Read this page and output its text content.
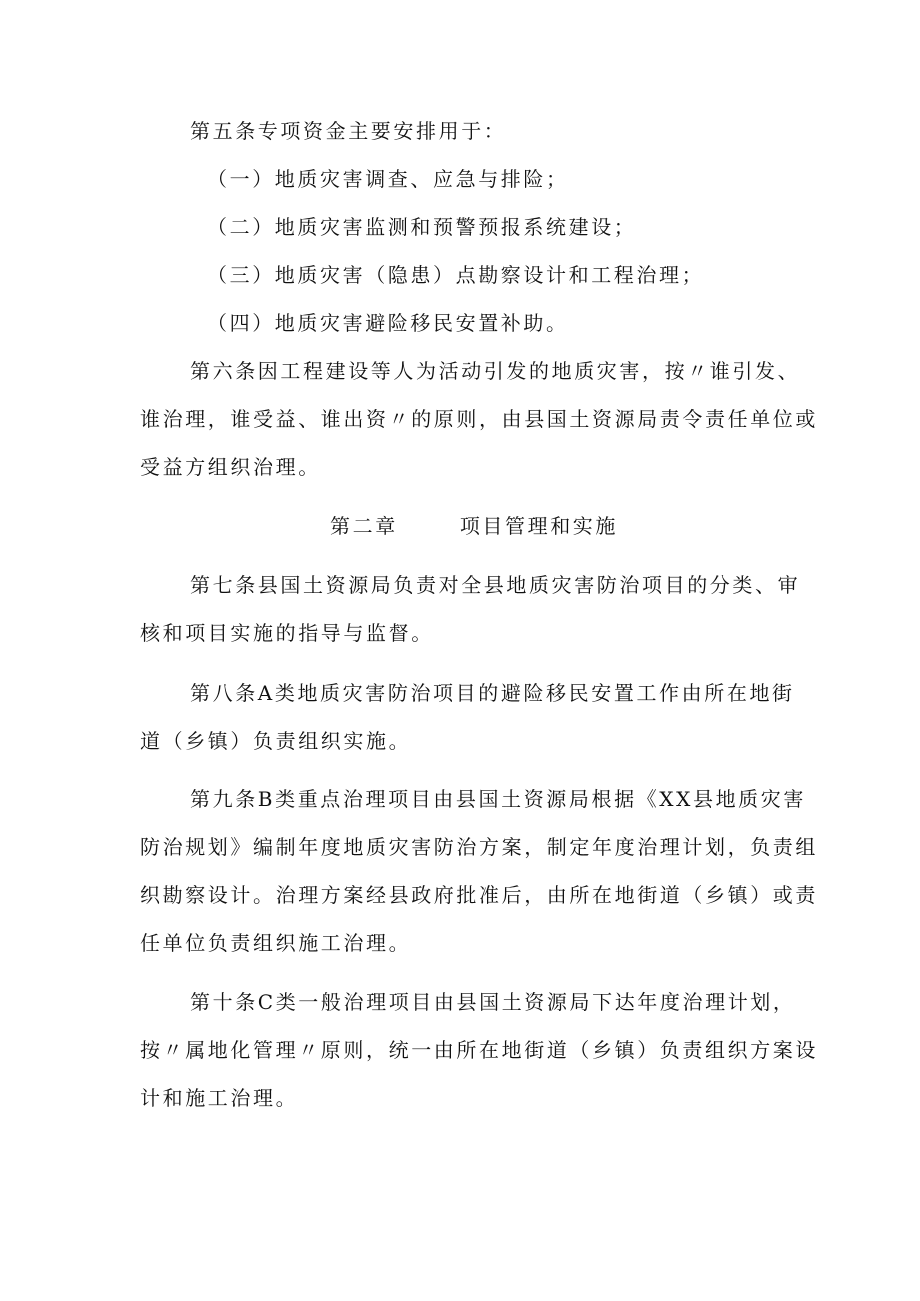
第五条专项资金主要安排用于：
（一）地质灾害调查、应急与排险；
（二）地质灾害监测和预警预报系统建设；
（三）地质灾害（隐患）点勘察设计和工程治理；
（四）地质灾害避险移民安置补助。
第六条因工程建设等人为活动引发的地质灾害，按〃谁引发、
谁治理，谁受益、谁出资〃的原则，由县国土资源局责令责任单位或
受益方组织治理。
第二章	项目管理和实施
第七条县国土资源局负责对全县地质灾害防治项目的分类、审
核和项目实施的指导与监督。
第八条A类地质灾害防治项目的避险移民安置工作由所在地街
道（乡镇）负责组织实施。
第九条B类重点治理项目由县国土资源局根据《XX县地质灾害
防治规划》编制年度地质灾害防治方案，制定年度治理计划，负责组
织勘察设计。治理方案经县政府批准后，由所在地街道（乡镇）或责
任单位负责组织施工治理。
第十条C类一般治理项目由县国土资源局下达年度治理计划，
按〃属地化管理〃原则，统一由所在地街道（乡镇）负责组织方案设
计和施工治理。
